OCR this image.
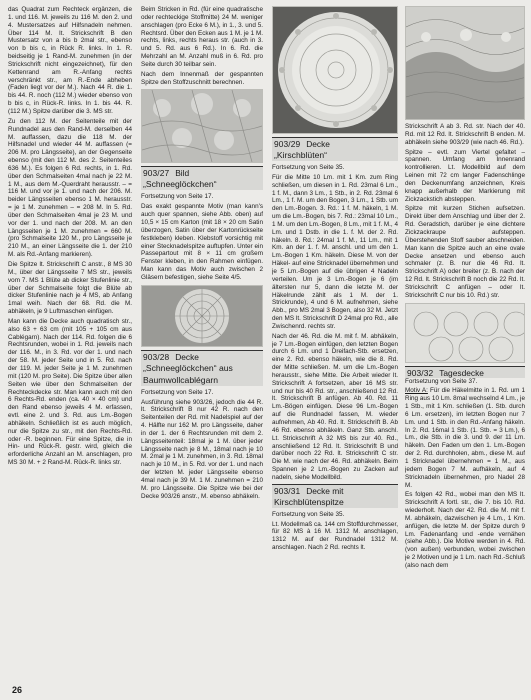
das Quadrat zum Rechteck ergänzen, die 1. und 116. M. jeweils zu 116 M. den 2. und 4. Mustersatzes auf Hilfsnadeln nehmen. Über 114 M. It. Strickschrift B den Mustersatz von a bis b 2mal str., ebenso von b bis c, in Rück R. links. In 1. R. beidseitig je 1 Rand-M. zunehmen (in der Strickschrift nicht eingezeichnet), für den Kettenrand am R.-Anfang rechts verschränkt str., am R.-Ende abheben (Faden liegt vor der M.). Nach 44 R. die 1. bis 44. R. noch (112 M.) wieder ebenso von b bis c, in Rück-R. links. In 1. bis 44. R. (112 M.) Spitze darüber die 3. MS str.

Zu den 112 M. der Seitenteile mit der Rundnadel aus den Rand-M. derselben 44 M. auffassen, dazu die 118 M. der Hilfsnadel und wieder 44 M. auffassen (= 206 M. pro Längsseite), an der Gegenseite ebenso (mit den 112 M. des 2. Seitenteiles 636 M.). Es folgen 6 Rd. rechts, in 1. Rd. über den Schmalseiten 4mal nach je 22 M. 1 M., aus dem M.-Querdraht herausstr. – = 116 M. und vor je 1. und nach der 206. M. beider Längsseiten ebenso 1 M. herausstr. = je 1 M. zunehmen – = 208 M. In 5. Rd. über den Schmalseiten 4mal je 23 M. und vor der 1. und nach der 208. M. an den Längsseiten je 1 M. zunehmen = 660 M. (pro Schmalseite 120 M., pro Längsseite je 210 M., an einer Längsseite die 1. der 210 M. als Rd.-Anfang markieren).

Die Spitze lt. Strickschrift C anstr., 8 MS 30 M., über der Längsseite 7 MS str., jeweils vom 7. MS 1 Blüte ab dicker Stufenlinie str., über der Schmalseite folgt die Blüte ab dicker Stufenlinie nach je 4 MS, ab Anfang 1mal weih. Nach der 68. Rd. die M. abhäkeln, je 9 Luftmaschen einfügen.

Man kann die Decke auch quadratisch str., also 63 + 63 cm (mit 105 + 105 cm aus Cablégarn). Nach der 114. Rd. folgen die 6 Rechtsrunden, wobei in 1. Rd. jeweils nach der 116. M., in 3. Rd. vor der 1. und nach der 58. M. jeder Seite und in 5. Rd. nach der 119. M. jeder Seite je 1 M. zunehmen mit (120 M. pro Seite). Die Spitze über allen Seiten wie über den Schmalseiten der Rechteckdecke str. Man kann auch mit den 6 Rechts-Rd. enden (ca. 40 × 40 cm) und den Rand ebenso jeweils 4 M. erfassen, evtl. eine 2. und 3. Rd. aus Lm.-Bogen abhäkeln. Schließlich ist es auch möglich, nur die Spitze zu str., mit den Rechts-Rd. oder -R. beginnen. Für eine Spitze, die in Hin- und Rück-R. gestr. wird, gleich die erforderliche Anzahl an M. anschlagen, pro MS 30 M. + 2 Rand-M. Rück-R. links str.

Beim Stricken in Rd. (für eine quadratische oder rechteckige Stoffmitte) 24 M. weniger anschlagen (pro Ecke 6 M.), in 1., 3. und 5. Rechtsrd. Über den Ecken aus 1 M. je 1 M. rechts, links, rechts heraus str. (auch in 3. und 5. Rd. aus 6 Rd.). In 6. Rd. die Mehrzahl an M. Anzahl muß in 6. Rd. pro Seite durch 30 teilbar sein.

Nach dem Innenmaß der gespannten Spitze den Stoffzuschnitt berechnen.

903/27 Bild
„Schneeglöckchen“

Fortsetzung von Seite 17.

Das exakt gespannte Motiv (man kann's auch quer spannen, siehe Abb. oben) auf 10,5 × 15 cm Karton (mit 18 × 20 cm Satin überzogen, Satin über der Kartonrückseite festkleben) kleben. Klebstoff vorsichtig mit einer Stecknadelspitze auftupfen. Unter ein Passepartout mit 8 × 11 cm großem Fenster kleben, in den Rahmen einfügen. Man kann das Motiv auch zwischen 2 Gläsern befestigen, siehe Seite 4/5.

903/28 Decke
„Schneeglöckchen“ aus
Baumwollcablégarn

Fortsetzung von Seite 17.

Ausführung siehe 903/26, jedoch die 44 R. lt. Strickschrift B nur 42 R. nach den Seitenteilen der Rd. mit Nadelspiel auf der 4. Hälfte nur 162 M. pro Längsseite, daher in der 1. der 6 Rechtsrunden mit dem 2. Längsseitenteil: 18mal je 1 M. über jeder Längsseite nach je 8 M., 18mal nach je 10 M. 2mal je 1 M. zunehmen, in 3. Rd. 18mal nach je 10 M., in 5. Rd. vor der 1. und nach der letzten M. jeder Längsseite ebenso 4mal nach je 39 M. 1 M. zunehmen = 210 M. pro Längsseite. Die Spitze wie bei der Decke 903/26 anstr., M. ebenso abhäkeln.

903/29 Decke
„Kirschblüten“

Fortsetzung von Seite 35.

Für die Mitte 10 Lm. mit 1 Km. zum Ring schließen, um diesen in 1. Rd. 23mal 6 Lm., 1 f. M., dann 3 Lm., 1 Stb., in 2. Rd. 23mal 6 Lm., 1 f. M. um den Bogen, 3 Lm., 1 Stb. um den Lm.-Bogen. 3. Rd.: 1 f. M. häkeln, 1 M. um die Lm.-Bogen, bis 7. Rd.: 23mal 10 Lm., 1 M. um den Lm.-Bogen, 8 Lm., mit 1 f. M., 4 Lm. und 1 Dstb. in die 1. f. M. der 2. Rd. häkeln. 8. Rd.: 24mal 1 f. M., 11 Lm., mit 1 Km. an der 1. f. M. anschl. und um den 1. Lm.-Bogen 1 Km. häkeln. Diese M. von der Häkel- auf eine Stricknadel übernehmen und je 5 Lm.-Bogen auf die übrigen 4 Nadeln verteilen. Um je 3 Lm.-Bogen je 6 (im ältersten nur 5, dann die letzte M. der Häkelrunde zählt als 1 M. der 1. Strickrunde), 4 und 6 M. aufnehmen, siehe Abb., pro MS 2mal 3 Bogen, also 32 M. Jetzt den MS lt. Strickschrift D 24mal pro Rd., alle Zwischenrd. rechts str.

Nach der 46. Rd. die M. mit f. M. abhäkeln, je 7 Lm.-Bogen einfügen, den letzten Bogen durch 6 Lm. und 1 Dreifach-Stb. ersetzen, eine 2. Rd. ebenso häkeln, wie die 8. Rd. der Mitte schließen. M. um die Lm.-Bogen herausstr., siehe Mitte. Die Arbeit wieder lt. Strickschrift A fortsetzen, aber 16 MS str. und nur bis 40 Rd. str., anschließend 12 Rd. lt. Strickschrift B anfügen. Ab 40. Rd. 11 Lm.-Bögen einfügen. Diese 96 Lm.-Bogen auf die Rundnadel fassen, M. wieder aufnehmen, Ab 40. Rd. lt. Strickschrift B. Ab 46 Rd. ebenso abhäkeln. Ganz Stb. anschl. Lt. Strickschrift A 32 MS bis zur 40. Rd., anschließend 12 Rd. lt. Strickschrift B und darüber noch 22 Rd. lt. Strickschrift C str. Die M. wie nach der 46. Rd. abhäkeln. Beim Spannen je 2 Lm.-Bogen zu Zacken auf nadeln, siehe Modellbild.

903/31 Decke mit
Kirschblütenspitze

Fortsetzung von Seite 35.

Lt. Modellmaß ca. 144 cm Stoffdurchmesser, für 82 MS à 16 M. 1312 M. anschlagen, 1312 M. auf der Rundnadel 1312 M. anschlagen. Nach 2 Rd. rechts lt.

Strickschrift A ab 3. Rd. str. Nach der 40. Rd. mit 12 Rd. lt. Strickschrift B enden. M. abhäkeln siehe 903/29 (wie nach 46. Rd.).

Spitze – evtl. zum Viertel gefaltet – spannen. Umfang am Innenrand kontrollieren. Lt. Modellbild auf dem Leinen mit 72 cm langer Fadenschlinge den Deckenumfang anzeichnen, Kreis knapp außerhalb der Markierung mit Zickzackstich absteppen.

Spitze mit kurzen Stichen aufsetzen. Direkt über dem Anschlag und über der 2. Rd. Geradstich, darüber je eine dichtere Zickzackraupe aufsteppen. Überstehenden Stoff sauber abschneiden. Man kann die Spitze auch an eine ovale Decke ansetzen und ebenso auch schmaler (z. B. nur die 46 Rd. lt. Strickschrift A) oder breiter (z. B. nach der 12 Rd. lt. Strickschrift B noch die 22 Rd. lt. Strickschrift C anfügen – oder lt. Strickschrift C nur bis 10. Rd.) str.

903/32 Tagesdecke

Fortsetzung von Seite 37.

Motiv A: Für die Häkelmitte in 1. Rd. um 1 Ring aus 10 Lm. 8mal wechselnd 4 Lm., je 1 Stb., mit 1 Km. schließen (1. Stb. durch 6 Lm. ersetzen), im letzten Bogen nur 7 Lm. und 1 Stb. in den Rd.-Anfang häkeln. In 2. Rd. 16mal 1 Stb. (1. Stb. = 3 Lm.), 6 Lm., die Stb. in die 3. und 9. der 11 Lm. häkeln. Den Faden um den 1. Lm.-Bogen der 2. Rd. durchholen, abm., diese M. auf 1 Stricknadel übernehmen = 1 M., aus jedem Bogen 7 M. aufhäkeln, auf 4 Stricknadeln übernehmen, pro Nadel 28 M.

Es folgen 42 Rd., wobei man den MS lt. Strickschrift A fortl. str., die 7. bis 10. Rd. wiederholt. Nach der 42. Rd. die M. mit f. M. abhäkeln, dazwischen je 4 Lm., 1 Km. anfügen, die letzte M. der Spitze durch 9 Lm. Fadenanfang und -ende vernähen (siehe Abb.). Die Motive werden in 4. Rd. (von außen) verbunden, wobei zwischen je 2 Motiven und je 1 Lm. nach Rd.-Schluß (also nach dem

26
